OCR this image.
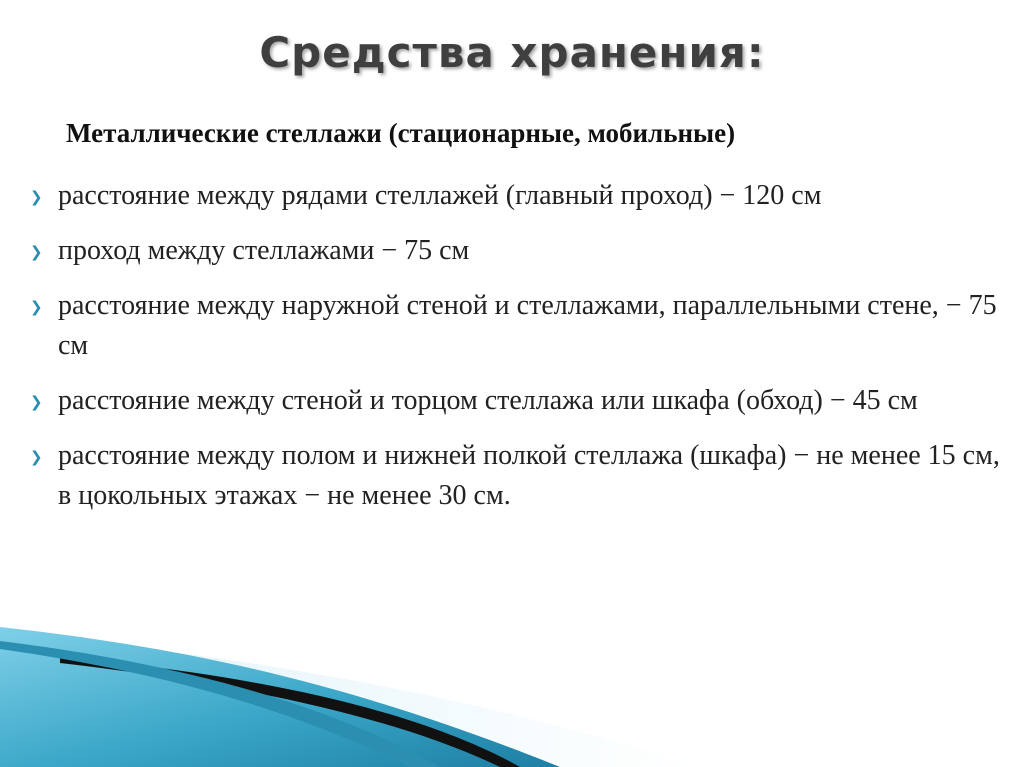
Средства хранения:
Металлические стеллажи (стационарные, мобильные)
❯ расстояние между рядами стеллажей (главный проход) − 120 см
❯ проход между стеллажами − 75 см
❯ расстояние между наружной стеной и стеллажами, параллельными стене, − 75 см
❯ расстояние между стеной и торцом стеллажа или шкафа (обход) − 45 см
❯ расстояние между полом и нижней полкой стеллажа (шкафа) − не менее 15 см, в цокольных этажах − не менее 30 см.
